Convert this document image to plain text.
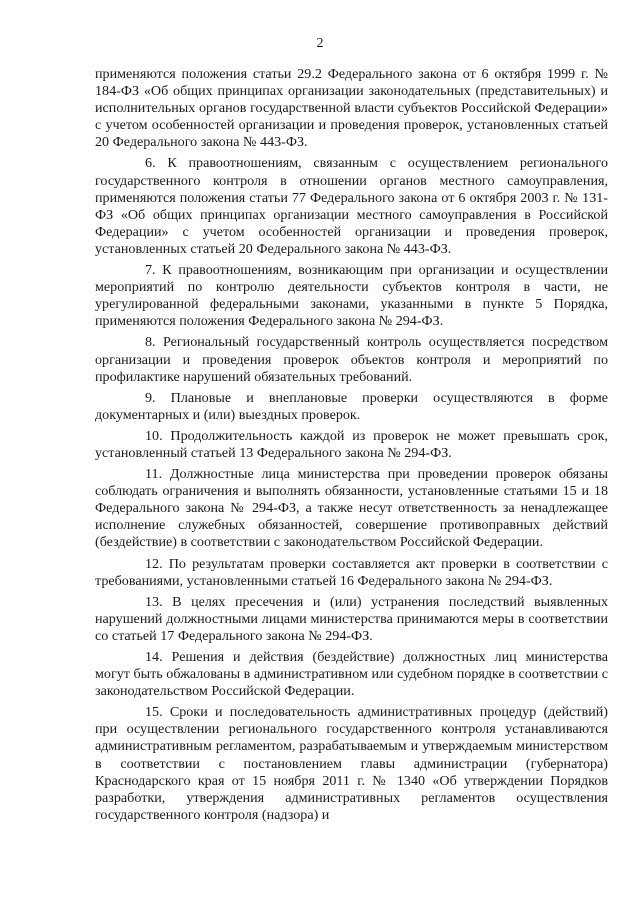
2

применяются положения статьи 29.2 Федерального закона от 6 октября 1999 г. № 184-ФЗ «Об общих принципах организации законодательных (представительных) и исполнительных органов государственной власти субъектов Российской Федерации» с учетом особенностей организации и проведения проверок, установленных статьей 20 Федерального закона № 443-ФЗ.

6. К правоотношениям, связанным с осуществлением регионального государственного контроля в отношении органов местного самоуправления, применяются положения статьи 77 Федерального закона от 6 октября 2003 г. № 131-ФЗ «Об общих принципах организации местного самоуправления в Российской Федерации» с учетом особенностей организации и проведения проверок, установленных статьей 20 Федерального закона № 443-ФЗ.

7. К правоотношениям, возникающим при организации и осуществлении мероприятий по контролю деятельности субъектов контроля в части, не урегулированной федеральными законами, указанными в пункте 5 Порядка, применяются положения Федерального закона № 294-ФЗ.

8. Региональный государственный контроль осуществляется посредством организации и проведения проверок объектов контроля и мероприятий по профилактике нарушений обязательных требований.

9. Плановые и внеплановые проверки осуществляются в форме документарных и (или) выездных проверок.

10. Продолжительность каждой из проверок не может превышать срок, установленный статьей 13 Федерального закона № 294-ФЗ.

11. Должностные лица министерства при проведении проверок обязаны соблюдать ограничения и выполнять обязанности, установленные статьями 15 и 18 Федерального закона № 294-ФЗ, а также несут ответственность за ненадлежащее исполнение служебных обязанностей, совершение противоправных действий (бездействие) в соответствии с законодательством Российской Федерации.

12. По результатам проверки составляется акт проверки в соответствии с требованиями, установленными статьей 16 Федерального закона № 294-ФЗ.

13. В целях пресечения и (или) устранения последствий выявленных нарушений должностными лицами министерства принимаются меры в соответствии со статьей 17 Федерального закона № 294-ФЗ.

14. Решения и действия (бездействие) должностных лиц министерства могут быть обжалованы в административном или судебном порядке в соответствии с законодательством Российской Федерации.

15. Сроки и последовательность административных процедур (действий) при осуществлении регионального государственного контроля устанавливаются административным регламентом, разрабатываемым и утверждаемым министерством в соответствии с постановлением главы администрации (губернатора) Краснодарского края от 15 ноября 2011 г. № 1340 «Об утверждении Порядков разработки, утверждения административных регламентов осуществления государственного контроля (надзора) и
